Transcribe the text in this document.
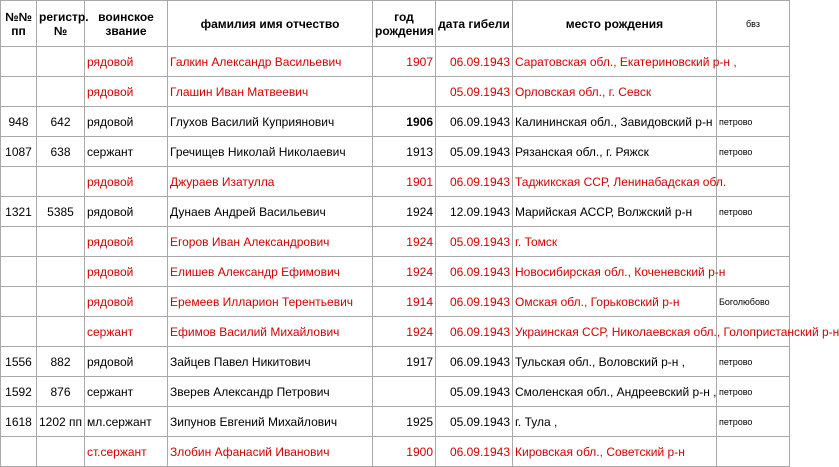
№№ пп	регистр. №	воинское звание	фамилия имя отчество	год рождения	дата гибели	место рождения	бвз
		рядовой	Галкин Александр Васильевич	1907	06.09.1943	Саратовская обл., Екатериновский р-н ,	
		рядовой	Глашин Иван Матвеевич		05.09.1943	Орловская обл., г. Севск	
948	642	рядовой	Глухов Василий Куприянович	1906	06.09.1943	Калининская обл., Завидовский р-н	петрово
1087	638	сержант	Гречищев Николай Николаевич	1913	05.09.1943	Рязанская обл., г. Ряжск	петрово
		рядовой	Джураев Изатулла	1901	06.09.1943	Таджикская ССР, Ленинабадская обл.	
1321	5385	рядовой	Дунаев Андрей Васильевич	1924	12.09.1943	Марийская АССР, Волжский р-н	петрово
		рядовой	Егоров Иван Александрович	1924	05.09.1943	г. Томск	
		рядовой	Елишев Александр Ефимович	1924	06.09.1943	Новосибирская обл., Коченевский р-н	
		рядовой	Еремеев Илларион Терентьевич	1914	06.09.1943	Омская обл., Горьковский р-н	Боголюбово
		сержант	Ефимов Василий Михайлович	1924	06.09.1943	Украинская ССР, Николаевская обл., Голопристанский р-н	
1556	882	рядовой	Зайцев Павел Никитович	1917	06.09.1943	Тульская обл., Воловский р-н ,	петрово
1592	876	сержант	Зверев Александр Петрович		05.09.1943	Смоленская обл., Андреевский р-н ,	петрово
1618	1202 пп	мл.сержант	Зипунов Евгений Михайлович	1925	05.09.1943	г. Тула ,	петрово
		ст.сержант	Злобин Афанасий Иванович	1900	06.09.1943	Кировская обл., Советский р-н	
